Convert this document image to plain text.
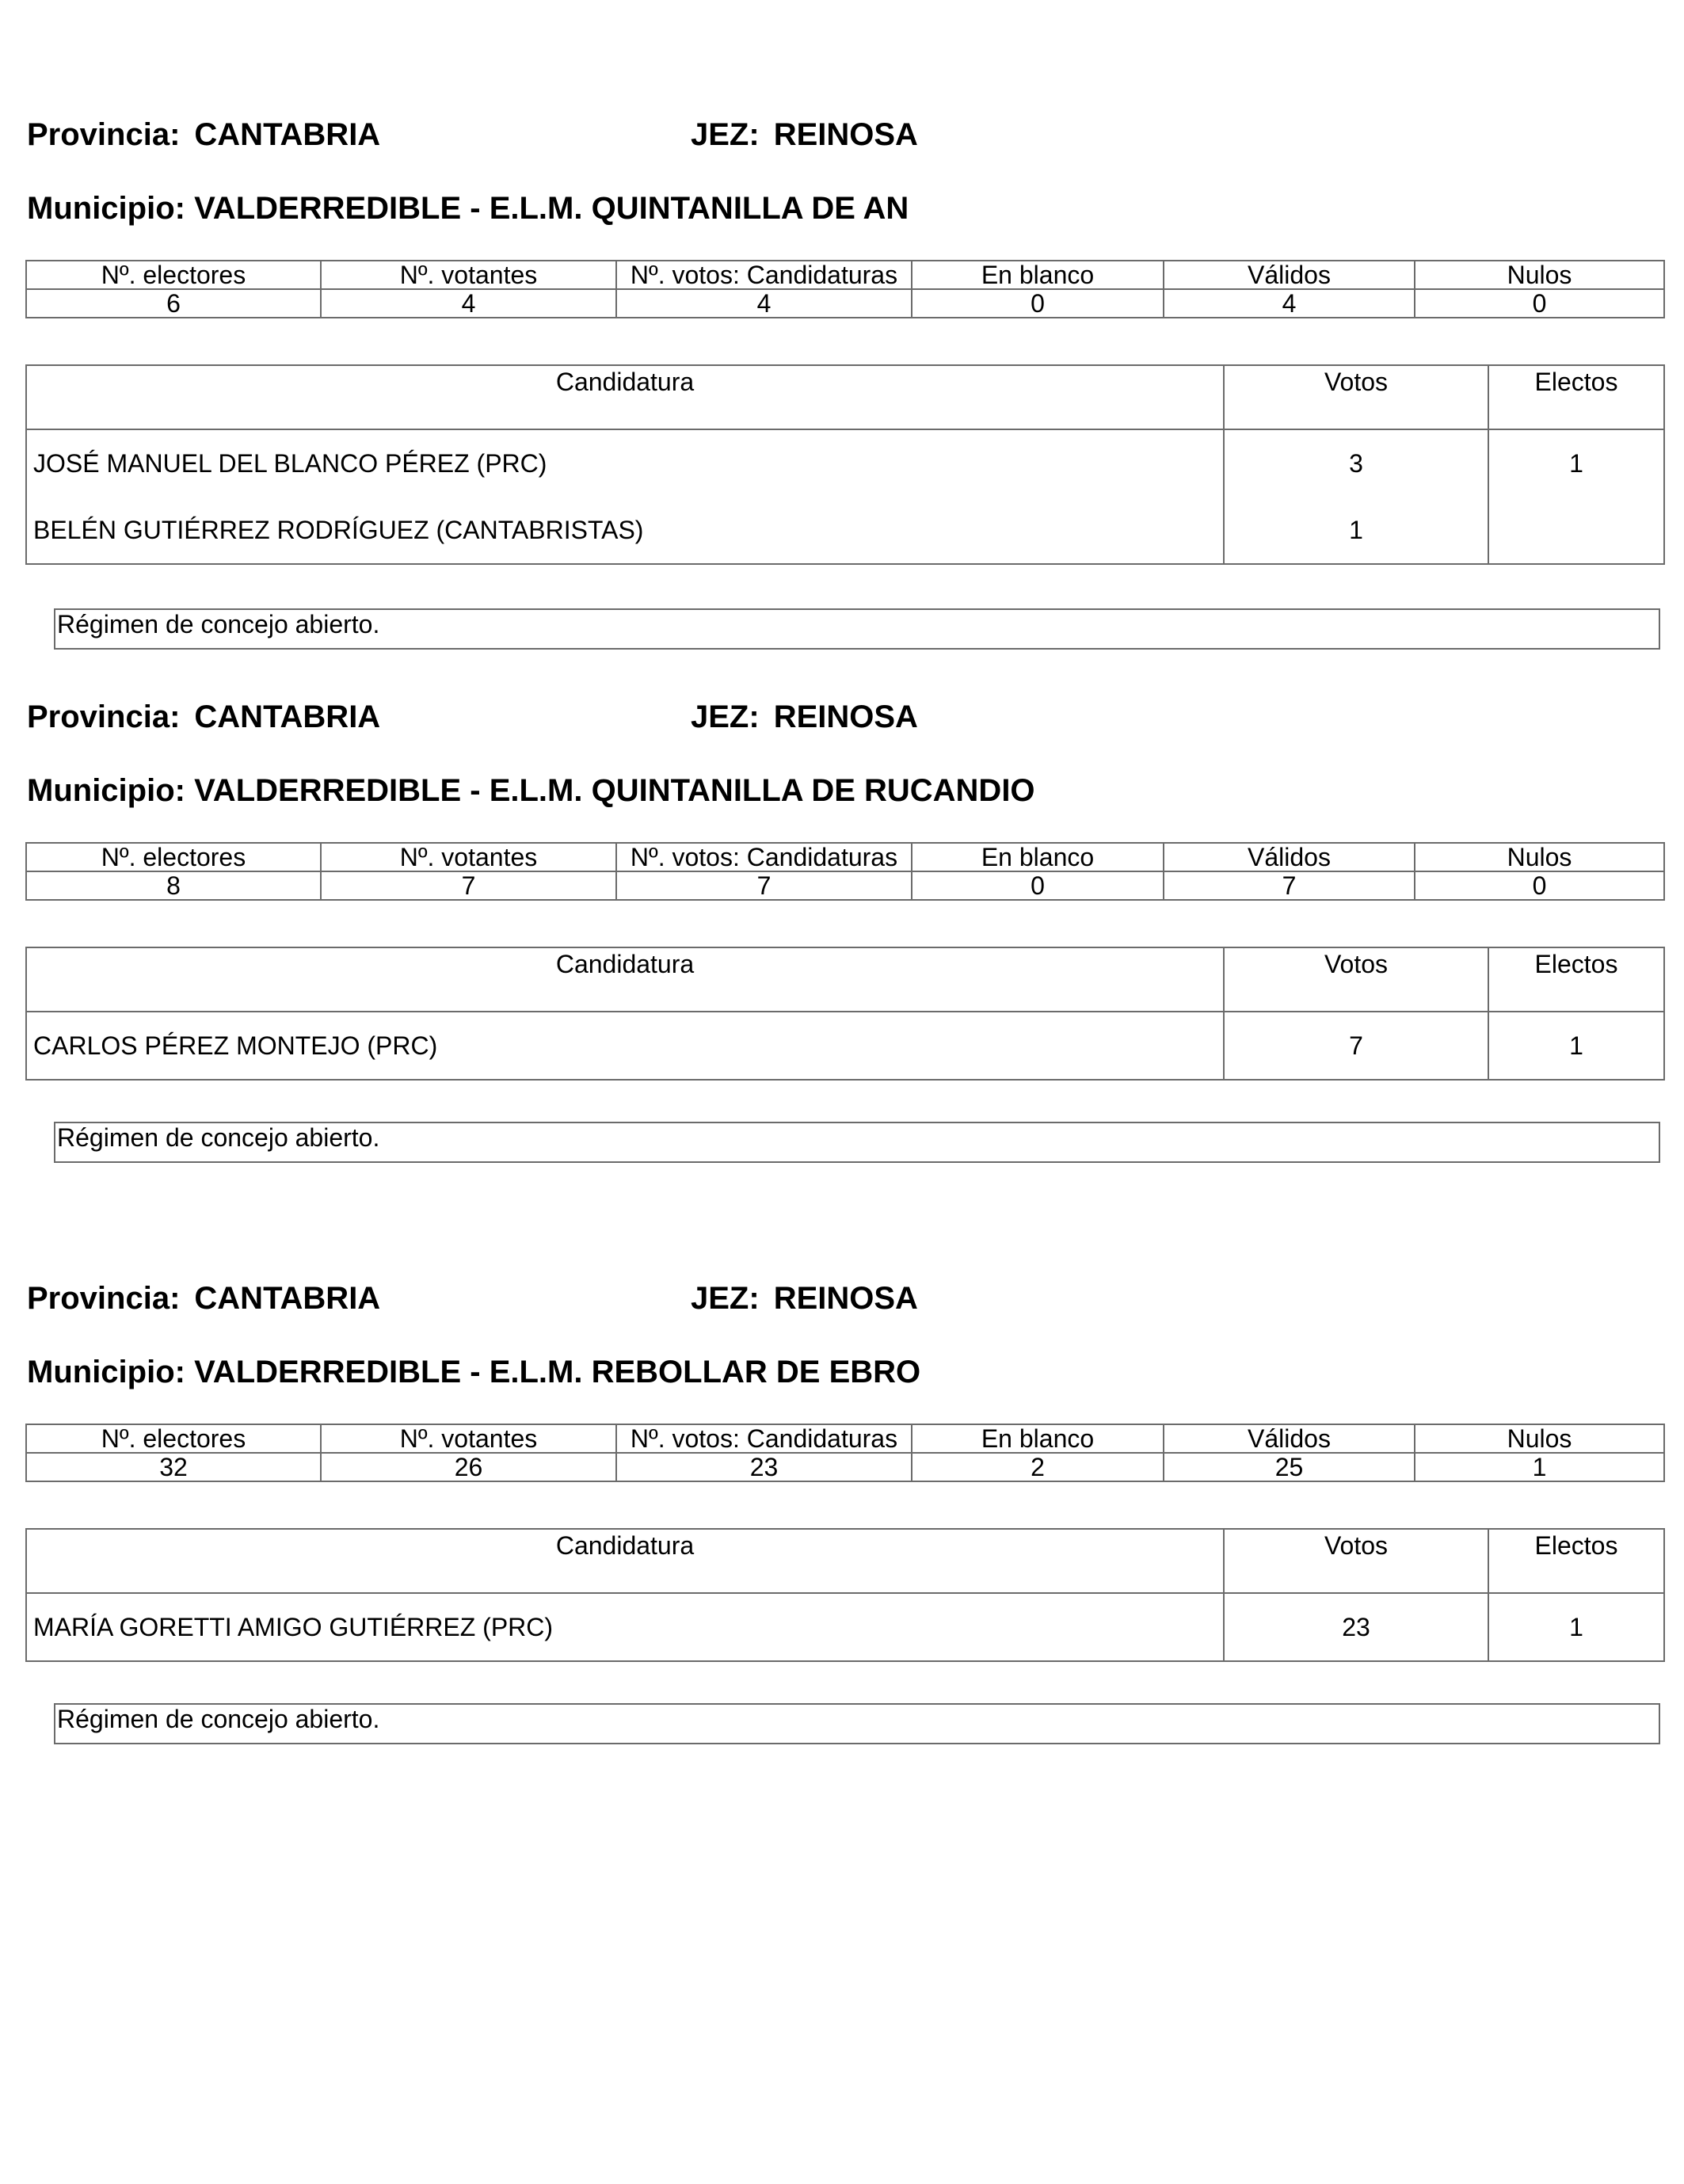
Provincia: CANTABRIA	JEZ: REINOSA
Municipio: VALDERREDIBLE - E.L.M. QUINTANILLA DE AN
Nº. electores	Nº. votantes	Nº. votos: Candidaturas	En blanco	Válidos	Nulos
6	4	4	0	4	0
Candidatura	Votos	Electos
JOSÉ MANUEL DEL BLANCO PÉREZ (PRC)	3	1
BELÉN GUTIÉRREZ RODRÍGUEZ (CANTABRISTAS)	1	
Régimen de concejo abierto.
Provincia: CANTABRIA	JEZ: REINOSA
Municipio: VALDERREDIBLE - E.L.M. QUINTANILLA DE RUCANDIO
Nº. electores	Nº. votantes	Nº. votos: Candidaturas	En blanco	Válidos	Nulos
8	7	7	0	7	0
Candidatura	Votos	Electos
CARLOS PÉREZ MONTEJO (PRC)	7	1
Régimen de concejo abierto.
Provincia: CANTABRIA	JEZ: REINOSA
Municipio: VALDERREDIBLE - E.L.M. REBOLLAR DE EBRO
Nº. electores	Nº. votantes	Nº. votos: Candidaturas	En blanco	Válidos	Nulos
32	26	23	2	25	1
Candidatura	Votos	Electos
MARÍA GORETTI AMIGO GUTIÉRREZ (PRC)	23	1
Régimen de concejo abierto.
